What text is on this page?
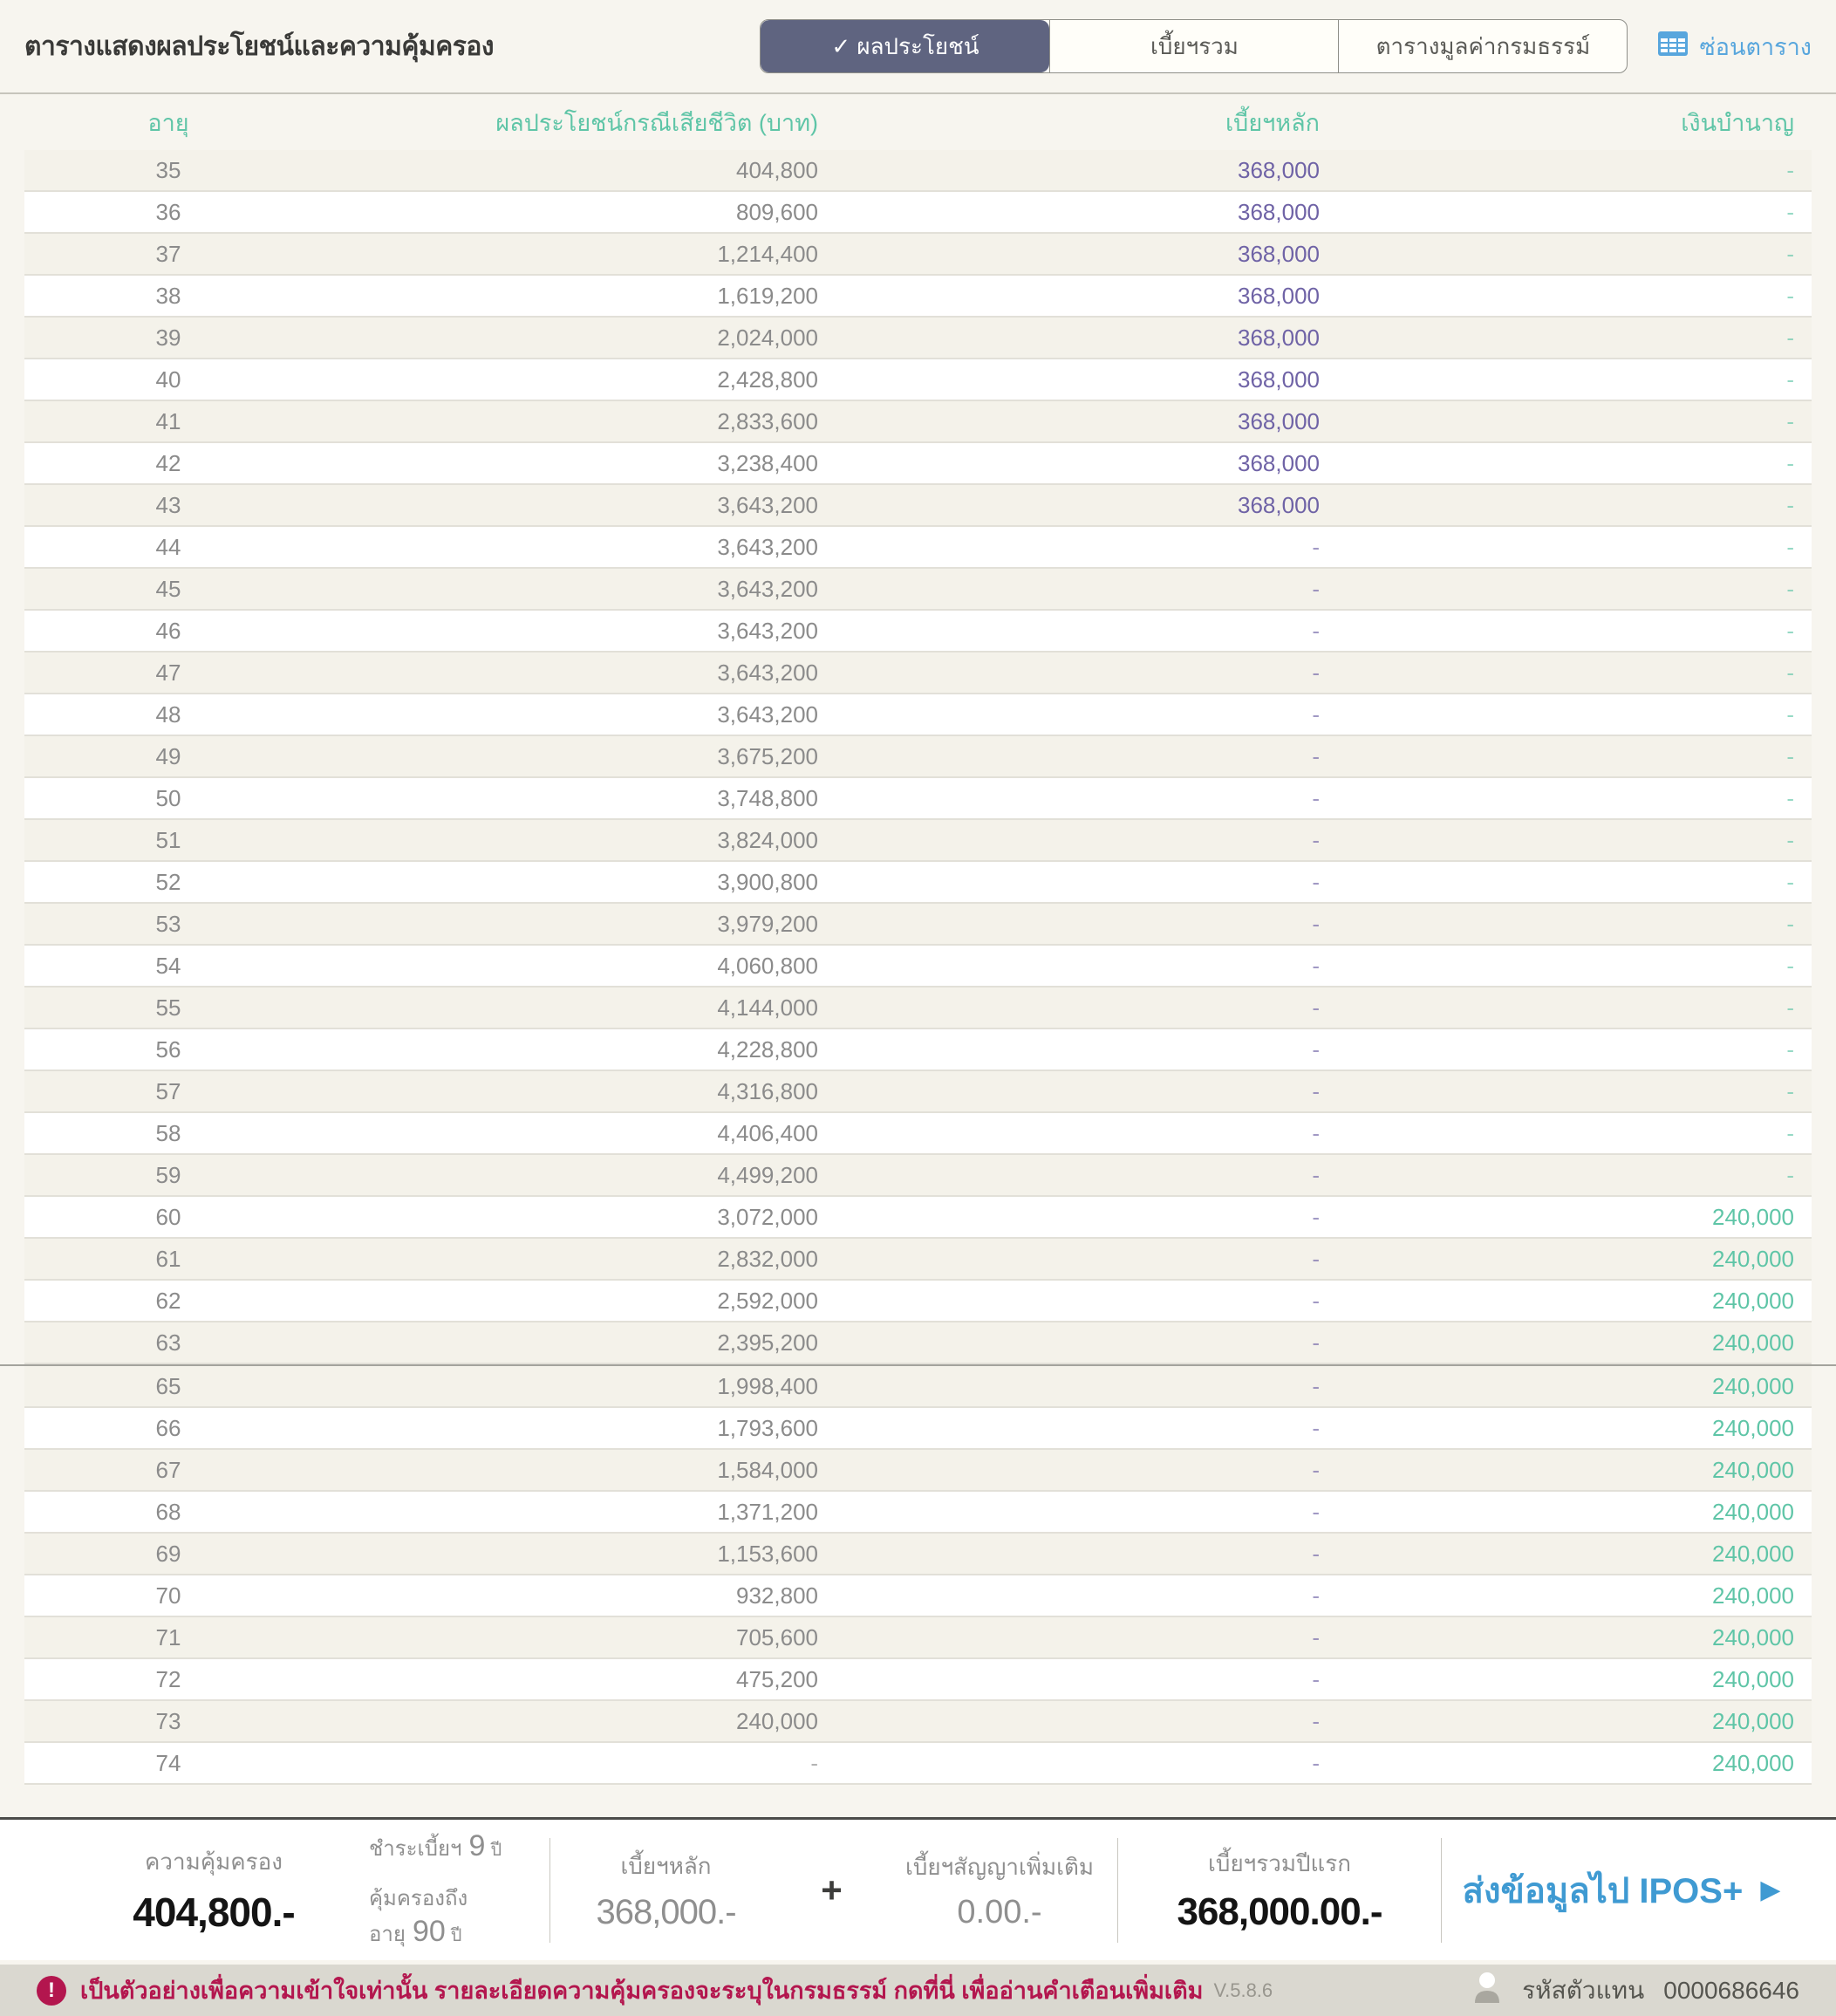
ตารางแสดงผลประโยชน์และความคุ้มครอง	✓ ผลประโยชน์	เบี้ยฯรวม	ตารางมูลค่ากรมธรรม์	ซ่อนตาราง
อายุ	ผลประโยชน์กรณีเสียชีวิต (บาท)	เบี้ยฯหลัก	เงินบำนาญ
35	404,800	368,000	-
36	809,600	368,000	-
37	1,214,400	368,000	-
38	1,619,200	368,000	-
39	2,024,000	368,000	-
40	2,428,800	368,000	-
41	2,833,600	368,000	-
42	3,238,400	368,000	-
43	3,643,200	368,000	-
44	3,643,200	-	-
45	3,643,200	-	-
46	3,643,200	-	-
47	3,643,200	-	-
48	3,643,200	-	-
49	3,675,200	-	-
50	3,748,800	-	-
51	3,824,000	-	-
52	3,900,800	-	-
53	3,979,200	-	-
54	4,060,800	-	-
55	4,144,000	-	-
56	4,228,800	-	-
57	4,316,800	-	-
58	4,406,400	-	-
59	4,499,200	-	-
60	3,072,000	-	240,000
61	2,832,000	-	240,000
62	2,592,000	-	240,000
63	2,395,200	-	240,000
65	1,998,400	-	240,000
66	1,793,600	-	240,000
67	1,584,000	-	240,000
68	1,371,200	-	240,000
69	1,153,600	-	240,000
70	932,800	-	240,000
71	705,600	-	240,000
72	475,200	-	240,000
73	240,000	-	240,000
74	-	-	240,000
ความคุ้มครอง
404,800.-
ชำระเบี้ยฯ 9 ปี
คุ้มครองถึงอายุ 90 ปี
เบี้ยฯหลัก
368,000.-
+
เบี้ยฯสัญญาเพิ่มเติม
0.00.-
เบี้ยฯรวมปีแรก
368,000.00.- ส่งข้อมูลไป IPOS+ ▶
!	เป็นตัวอย่างเพื่อความเข้าใจเท่านั้น รายละเอียดความคุ้มครองจะระบุในกรมธรรม์ กดที่นี่ เพื่ออ่านคำเตือนเพิ่มเติม V.5.8.6	รหัสตัวแทน 0000686646
